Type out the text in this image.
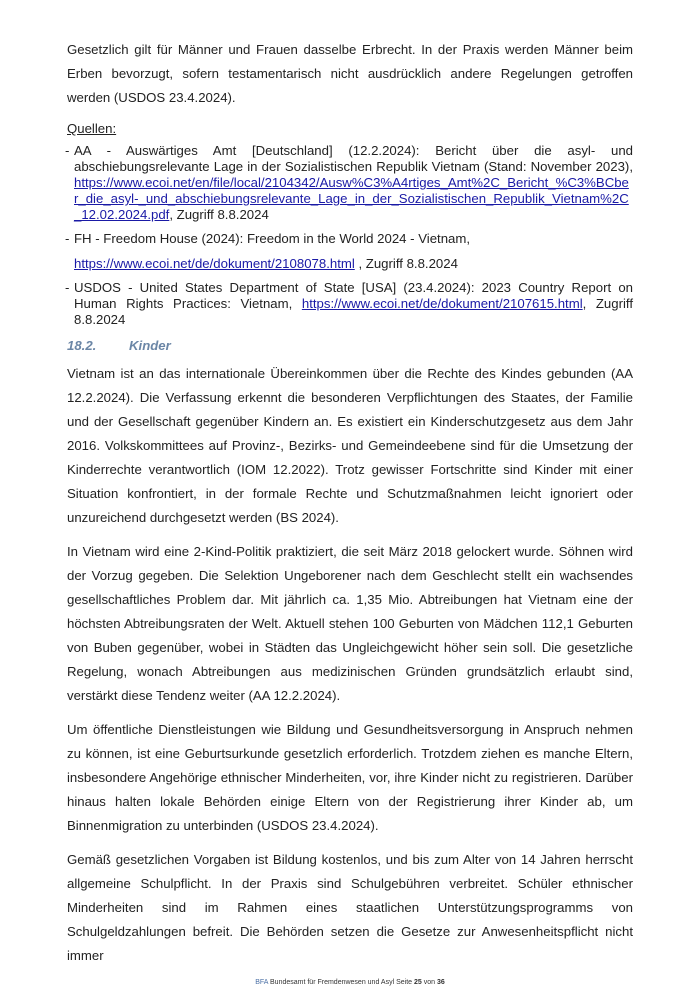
Gesetzlich gilt für Männer und Frauen dasselbe Erbrecht. In der Praxis werden Männer beim Erben bevorzugt, sofern testamentarisch nicht ausdrücklich andere Regelungen getroffen werden (USDOS 23.4.2024).

Quellen:
- AA - Auswärtiges Amt [Deutschland] (12.2.2024): Bericht über die asyl- und abschiebungsrelevante Lage in der Sozialistischen Republik Vietnam (Stand: November 2023), https://www.ecoi.net/en/file/local/2104342/Ausw%C3%A4rtiges_Amt%2C_Bericht_%C3%BCber_die_asyl-_und_abschiebungsrelevante_Lage_in_der_Sozialistischen_Republik_Vietnam%2C_12.02.2024.pdf, Zugriff 8.8.2024
- FH - Freedom House (2024): Freedom in the World 2024 - Vietnam,
https://www.ecoi.net/de/dokument/2108078.html , Zugriff 8.8.2024
- USDOS - United States Department of State [USA] (23.4.2024): 2023 Country Report on Human Rights Practices: Vietnam, https://www.ecoi.net/de/dokument/2107615.html, Zugriff 8.8.2024
18.2. Kinder

Vietnam ist an das internationale Übereinkommen über die Rechte des Kindes gebunden (AA 12.2.2024). Die Verfassung erkennt die besonderen Verpflichtungen des Staates, der Familie und der Gesellschaft gegenüber Kindern an. Es existiert ein Kinderschutzgesetz aus dem Jahr 2016. Volkskommittees auf Provinz-, Bezirks- und Gemeindeebene sind für die Umsetzung der Kinderrechte verantwortlich (IOM 12.2022). Trotz gewisser Fortschritte sind Kinder mit einer Situation konfrontiert, in der formale Rechte und Schutzmaßnahmen leicht ignoriert oder unzureichend durchgesetzt werden (BS 2024).

In Vietnam wird eine 2-Kind-Politik praktiziert, die seit März 2018 gelockert wurde. Söhnen wird der Vorzug gegeben. Die Selektion Ungeborener nach dem Geschlecht stellt ein wachsendes gesellschaftliches Problem dar. Mit jährlich ca. 1,35 Mio. Abtreibungen hat Vietnam eine der höchsten Abtreibungsraten der Welt. Aktuell stehen 100 Geburten von Mädchen 112,1 Geburten von Buben gegenüber, wobei in Städten das Ungleichgewicht höher sein soll. Die gesetzliche Regelung, wonach Abtreibungen aus medizinischen Gründen grundsätzlich erlaubt sind, verstärkt diese Tendenz weiter (AA 12.2.2024).

Um öffentliche Dienstleistungen wie Bildung und Gesundheitsversorgung in Anspruch nehmen zu können, ist eine Geburtsurkunde gesetzlich erforderlich. Trotzdem ziehen es manche Eltern, insbesondere Angehörige ethnischer Minderheiten, vor, ihre Kinder nicht zu registrieren. Darüber hinaus halten lokale Behörden einige Eltern von der Registrierung ihrer Kinder ab, um Binnenmigration zu unterbinden (USDOS 23.4.2024).

Gemäß gesetzlichen Vorgaben ist Bildung kostenlos, und bis zum Alter von 14 Jahren herrscht allgemeine Schulpflicht. In der Praxis sind Schulgebühren verbreitet. Schüler ethnischer Minderheiten sind im Rahmen eines staatlichen Unterstützungsprogramms von Schulgeldzahlungen befreit. Die Behörden setzen die Gesetze zur Anwesenheitspflicht nicht immer

BFA Bundesamt für Fremdenwesen und Asyl Seite 25 von 36
